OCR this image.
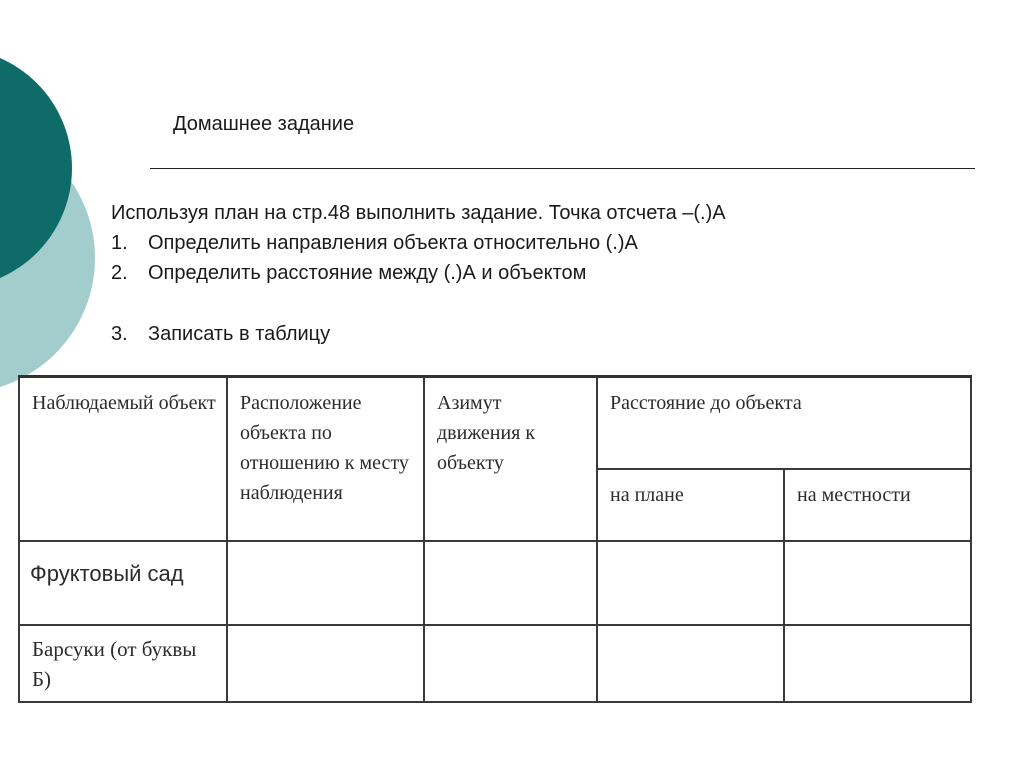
Домашнее задание
Используя план на стр.48 выполнить задание. Точка отсчета –(.)А
1. Определить направления объекта относительно (.)А
2. Определить расстояние между (.)А и объектом
3. Записать в таблицу
Наблюдаемый объект	Расположение объекта по отношению к месту наблюдения	Азимут движения к объекту	Расстояние до объекта	

			на плане	на местности

Фруктовый сад				

Барсуки (от буквы Б)				
